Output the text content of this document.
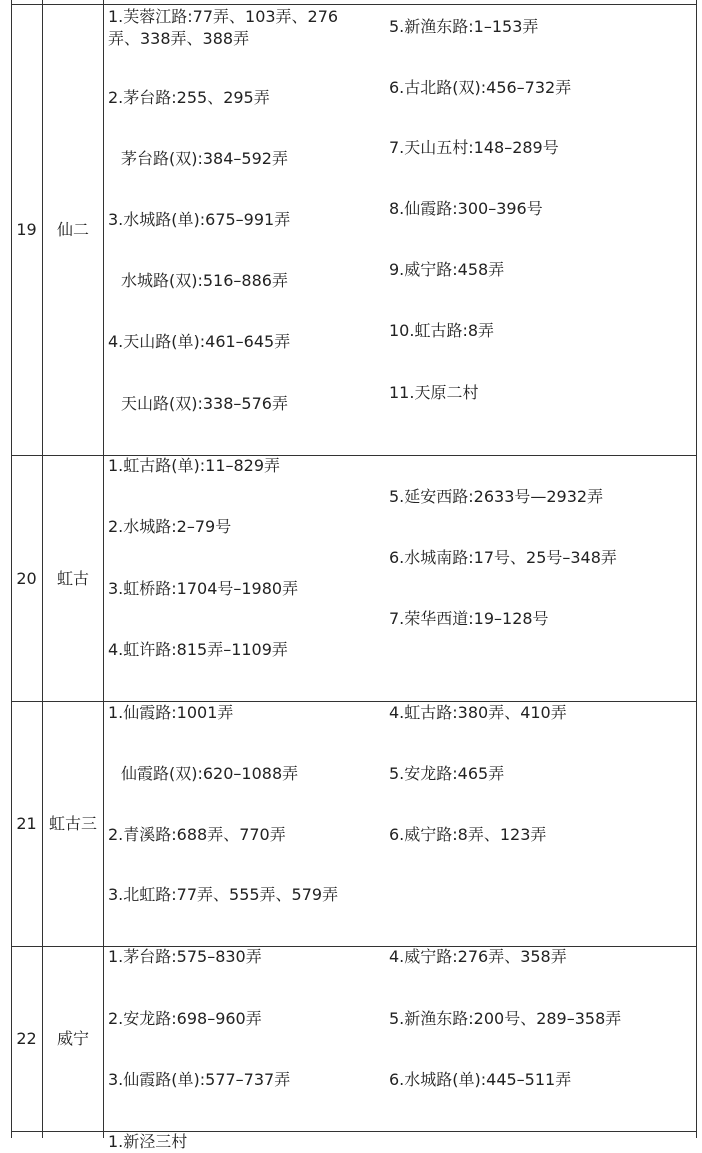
19	仙二
1.芙蓉江路:77弄、103弄、276弄、338弄、388弄
2.茅台路:255、295弄
茅台路(双):384–592弄
3.水城路(单):675–991弄
水城路(双):516–886弄
4.天山路(单):461–645弄
天山路(双):338–576弄
5.新渔东路:1–153弄
6.古北路(双):456–732弄
7.天山五村:148–289号
8.仙霞路:300–396号
9.威宁路:458弄
10.虹古路:8弄
11.天原二村
20	虹古
1.虹古路(单):11–829弄
2.水城路:2–79号
3.虹桥路:1704号–1980弄
4.虹许路:815弄–1109弄
5.延安西路:2633号—2932弄
6.水城南路:17号、25号–348弄
7.荣华西道:19–128号
21 虹古三
1.仙霞路:1001弄
仙霞路(双):620–1088弄
2.青溪路:688弄、770弄
3.北虹路:77弄、555弄、579弄
4.虹古路:380弄、410弄
5.安龙路:465弄
6.威宁路:8弄、123弄
22	威宁
1.茅台路:575–830弄
2.安龙路:698–960弄
3.仙霞路(单):577–737弄
4.威宁路:276弄、358弄
5.新渔东路:200号、289–358弄
6.水城路(单):445–511弄
1.新泾三村
